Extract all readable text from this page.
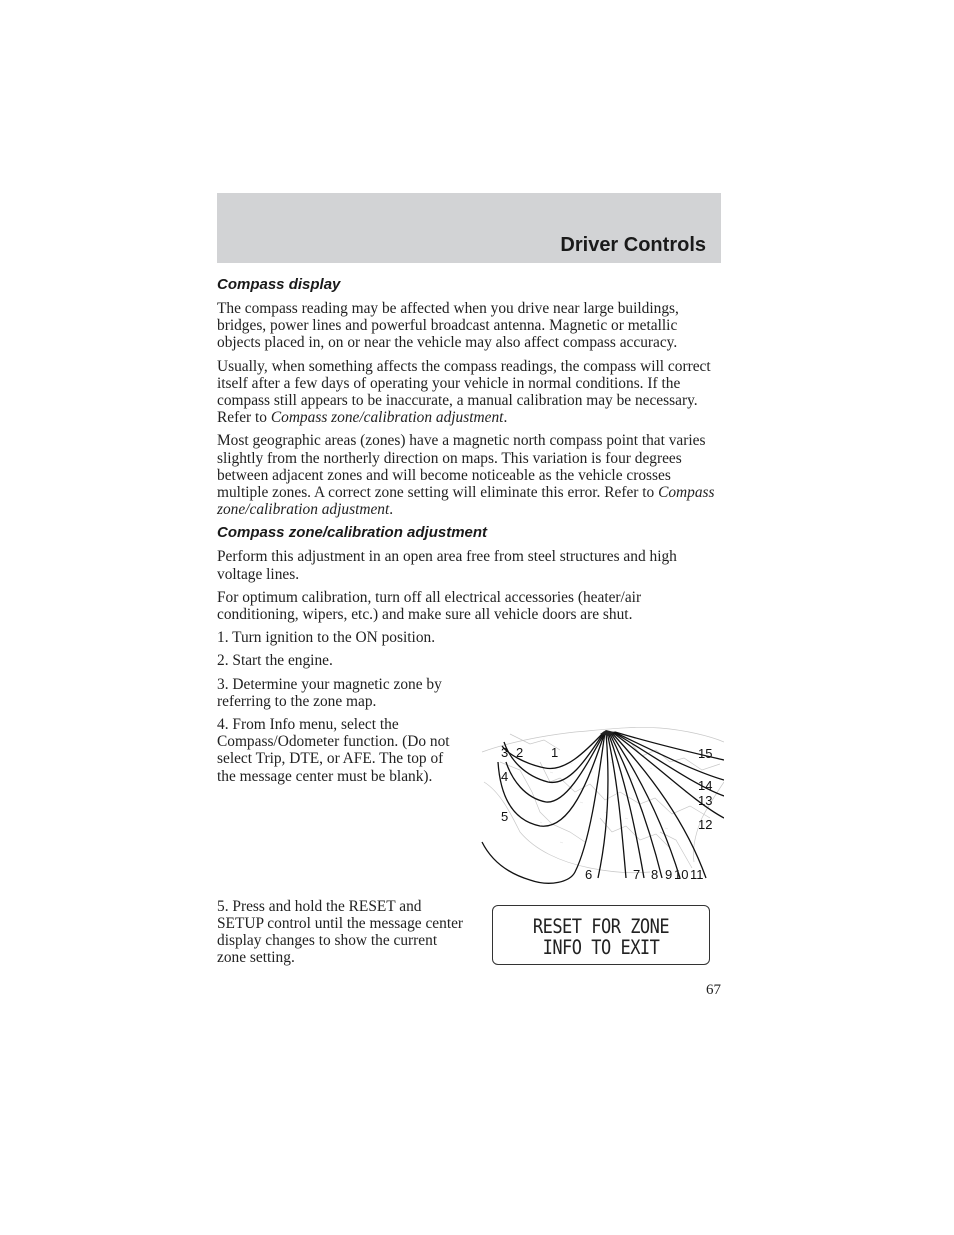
Driver Controls
Compass display

The compass reading may be affected when you drive near large buildings, bridges, power lines and powerful broadcast antenna. Magnetic or metallic objects placed in, on or near the vehicle may also affect compass accuracy.

Usually, when something affects the compass readings, the compass will correct itself after a few days of operating your vehicle in normal conditions. If the compass still appears to be inaccurate, a manual calibration may be necessary. Refer to Compass zone/calibration adjustment.

Most geographic areas (zones) have a magnetic north compass point that varies slightly from the northerly direction on maps. This variation is four degrees between adjacent zones and will become noticeable as the vehicle crosses multiple zones. A correct zone setting will eliminate this error. Refer to Compass zone/calibration adjustment.

Compass zone/calibration adjustment

Perform this adjustment in an open area free from steel structures and high voltage lines.

For optimum calibration, turn off all electrical accessories (heater/air conditioning, wipers, etc.) and make sure all vehicle doors are shut.

1. Turn ignition to the ON position.

2. Start the engine.

3. Determine your magnetic zone by referring to the zone map.

4. From Info menu, select the Compass/Odometer function. (Do not select Trip, DTE, or AFE. The top of the message center must be blank).

1
2
3
4
5
6	7 8 9 10 11
12
13
14
15

5. Press and hold the RESET and SETUP control until the message center display changes to show the current zone setting.

RESET FOR ZONE
INFO TO EXIT
67
